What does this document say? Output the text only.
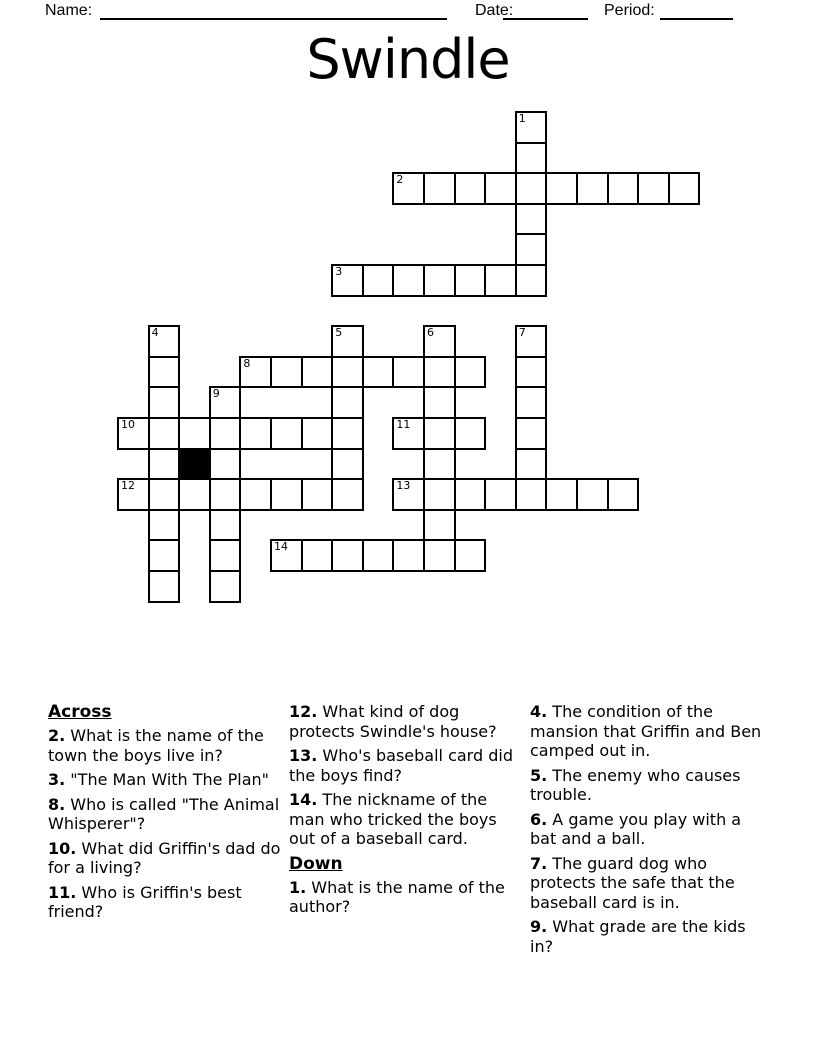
Name:	Date:	Period:
Swindle
1
2
3
4	5	6	7
8
9
10	11
12	13
14
Across
2. What is the name of the town the boys live in?
3. "The Man With The Plan"
8. Who is called "The Animal Whisperer"?
10. What did Griffin's dad do for a living?
11. Who is Griffin's best friend?
12. What kind of dog protects Swindle's house?
13. Who's baseball card did the boys find?
14. The nickname of the man who tricked the boys out of a baseball card.
Down
1. What is the name of the author?
4. The condition of the mansion that Griffin and Ben camped out in.
5. The enemy who causes trouble.
6. A game you play with a bat and a ball.
7. The guard dog who protects the safe that the baseball card is in.
9. What grade are the kids in?
